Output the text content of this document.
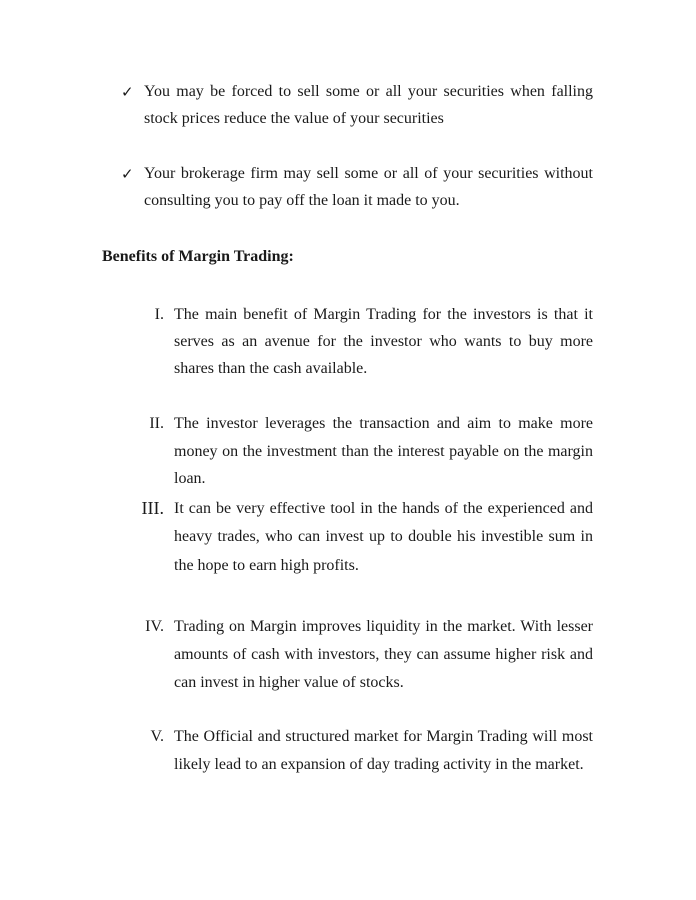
✓ You may be forced to sell some or all your securities when falling
stock prices reduce the value of your securities
✓ Your brokerage firm may sell some or all of your securities without
consulting you to pay off the loan it made to you.
Benefits of Margin Trading:
I. The main benefit of Margin Trading for the investors is that it
serves as an avenue for the investor who wants to buy more
shares than the cash available.
II. The investor leverages the transaction and aim to make more
money on the investment than the interest payable on the margin
loan.
III. It can be very effective tool in the hands of the experienced and
heavy trades, who can invest up to double his investible sum in
the hope to earn high profits.
IV. Trading on Margin improves liquidity in the market. With lesser
amounts of cash with investors, they can assume higher risk and
can invest in higher value of stocks.
V. The Official and structured market for Margin Trading will most
likely lead to an expansion of day trading activity in the market.
